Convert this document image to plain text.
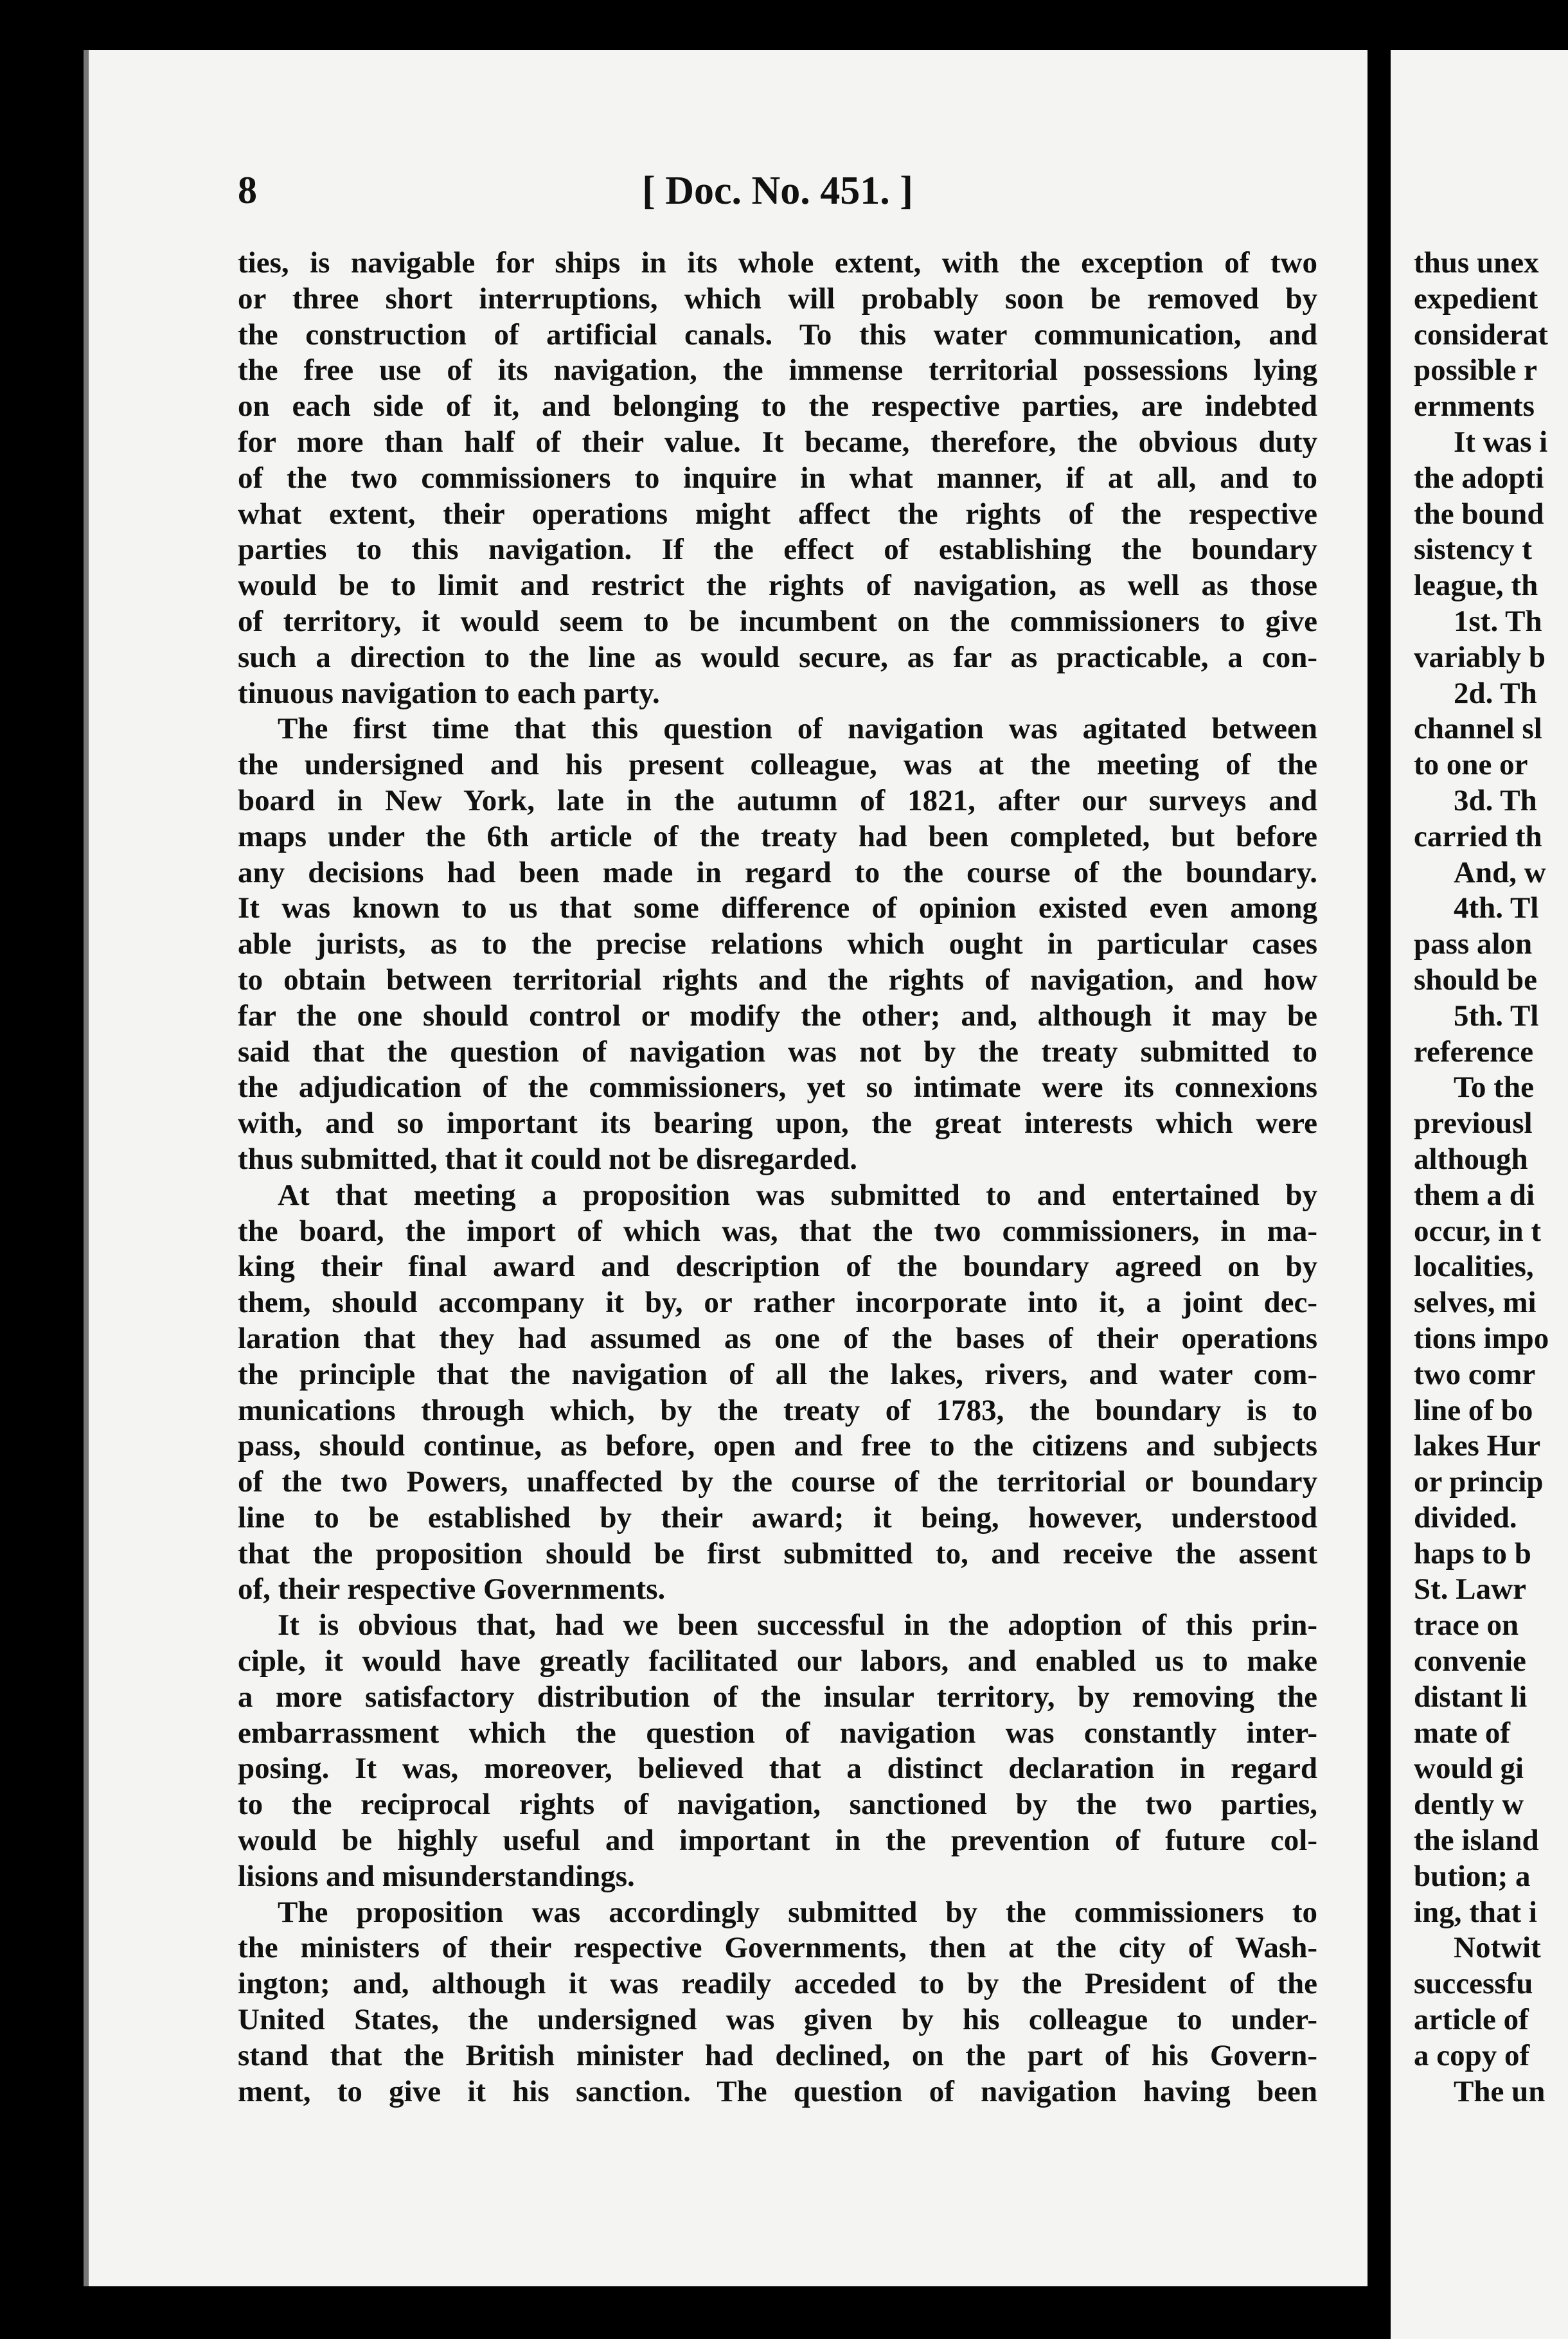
8	[ Doc. No. 451. ]
ties, is navigable for ships in its whole extent, with the exception of two
or three short interruptions, which will probably soon be removed by
the construction of artificial canals. To this water communication, and
the free use of its navigation, the immense territorial possessions lying
on each side of it, and belonging to the respective parties, are indebted
for more than half of their value. It became, therefore, the obvious duty
of the two commissioners to inquire in what manner, if at all, and to
what extent, their operations might affect the rights of the respective
parties to this navigation. If the effect of establishing the boundary
would be to limit and restrict the rights of navigation, as well as those
of territory, it would seem to be incumbent on the commissioners to give
such a direction to the line as would secure, as far as practicable, a con-
tinuous navigation to each party.
The first time that this question of navigation was agitated between
the undersigned and his present colleague, was at the meeting of the
board in New York, late in the autumn of 1821, after our surveys and
maps under the 6th article of the treaty had been completed, but before
any decisions had been made in regard to the course of the boundary.
It was known to us that some difference of opinion existed even among
able jurists, as to the precise relations which ought in particular cases
to obtain between territorial rights and the rights of navigation, and how
far the one should control or modify the other; and, although it may be
said that the question of navigation was not by the treaty submitted to
the adjudication of the commissioners, yet so intimate were its connexions
with, and so important its bearing upon, the great interests which were
thus submitted, that it could not be disregarded.
At that meeting a proposition was submitted to and entertained by
the board, the import of which was, that the two commissioners, in ma-
king their final award and description of the boundary agreed on by
them, should accompany it by, or rather incorporate into it, a joint dec-
laration that they had assumed as one of the bases of their operations
the principle that the navigation of all the lakes, rivers, and water com-
munications through which, by the treaty of 1783, the boundary is to
pass, should continue, as before, open and free to the citizens and subjects
of the two Powers, unaffected by the course of the territorial or boundary
line to be established by their award; it being, however, understood
that the proposition should be first submitted to, and receive the assent
of, their respective Governments.
It is obvious that, had we been successful in the adoption of this prin-
ciple, it would have greatly facilitated our labors, and enabled us to make
a more satisfactory distribution of the insular territory, by removing the
embarrassment which the question of navigation was constantly inter-
posing. It was, moreover, believed that a distinct declaration in regard
to the reciprocal rights of navigation, sanctioned by the two parties,
would be highly useful and important in the prevention of future col-
lisions and misunderstandings.
The proposition was accordingly submitted by the commissioners to
the ministers of their respective Governments, then at the city of Wash-
ington; and, although it was readily acceded to by the President of the
United States, the undersigned was given by his colleague to under-
stand that the British minister had declined, on the part of his Govern-
ment, to give it his sanction. The question of navigation having been
thus unex
expedient
considerat
possible r
ernments
It was i
the adopti
the bound
sistency t
league, th
1st. Th
variably b
2d. Th
channel sl
to one or
3d. Th
carried th
And, w
4th. Tl
pass alon
should be
5th. Tl
reference
To the
previousl
although
them a di
occur, in t
localities,
selves, mi
tions impo
two comr
line of bo
lakes Hur
or princip
divided.
haps to b
St. Lawr
trace on
convenie
distant li
mate of
would gi
dently w
the island
bution; a
ing, that i
Notwit
successfu
article of
a copy of
The un
